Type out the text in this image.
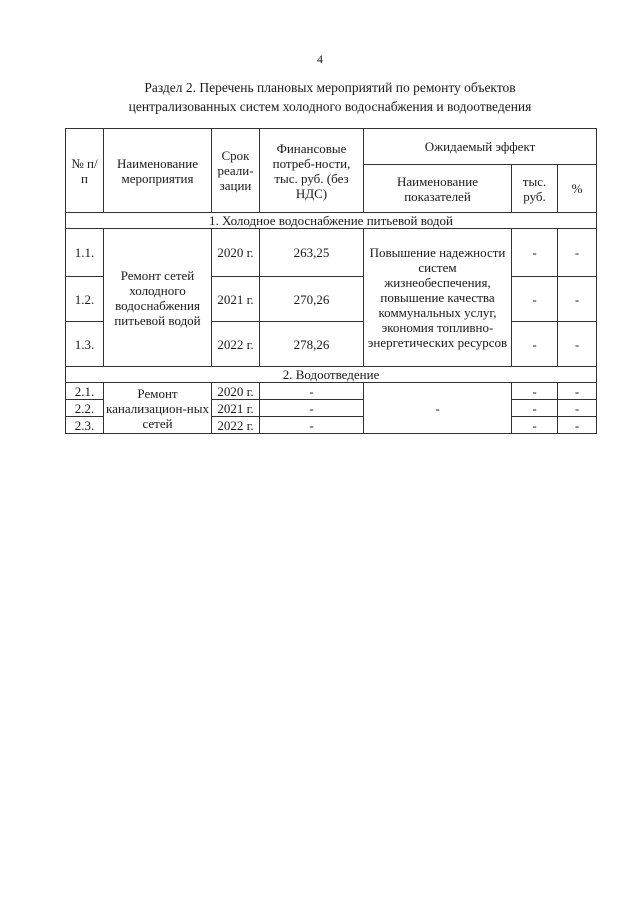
4
Раздел 2. Перечень плановых мероприятий по ремонту объектов
централизованных систем холодного водоснабжения и водоотведения
№ п/п	Наименование мероприятия	Срок реали-зации	Финансовые потреб-ности, тыс. руб. (без НДС)	Ожидаемый эффект		
				Наименование показателей	тыс. руб.	%
1. Холодное водоснабжение питьевой водой						
1.1.	Ремонт сетей холодного водоснабжения питьевой водой	2020 г.	263,25	Повышение надежности систем жизнеобеспечения, повышение качества коммунальных услуг, экономия топливно-энергетических ресурсов	-	-
1.2.		2021 г.	270,26		-	-
1.3.		2022 г.	278,26		-	-
2. Водоотведение						
2.1.	Ремонт канализацион-ных сетей	2020 г.	-	-	-	-
2.2.		2021 г.	-		-	-
2.3.		2022 г.	-		-	-
